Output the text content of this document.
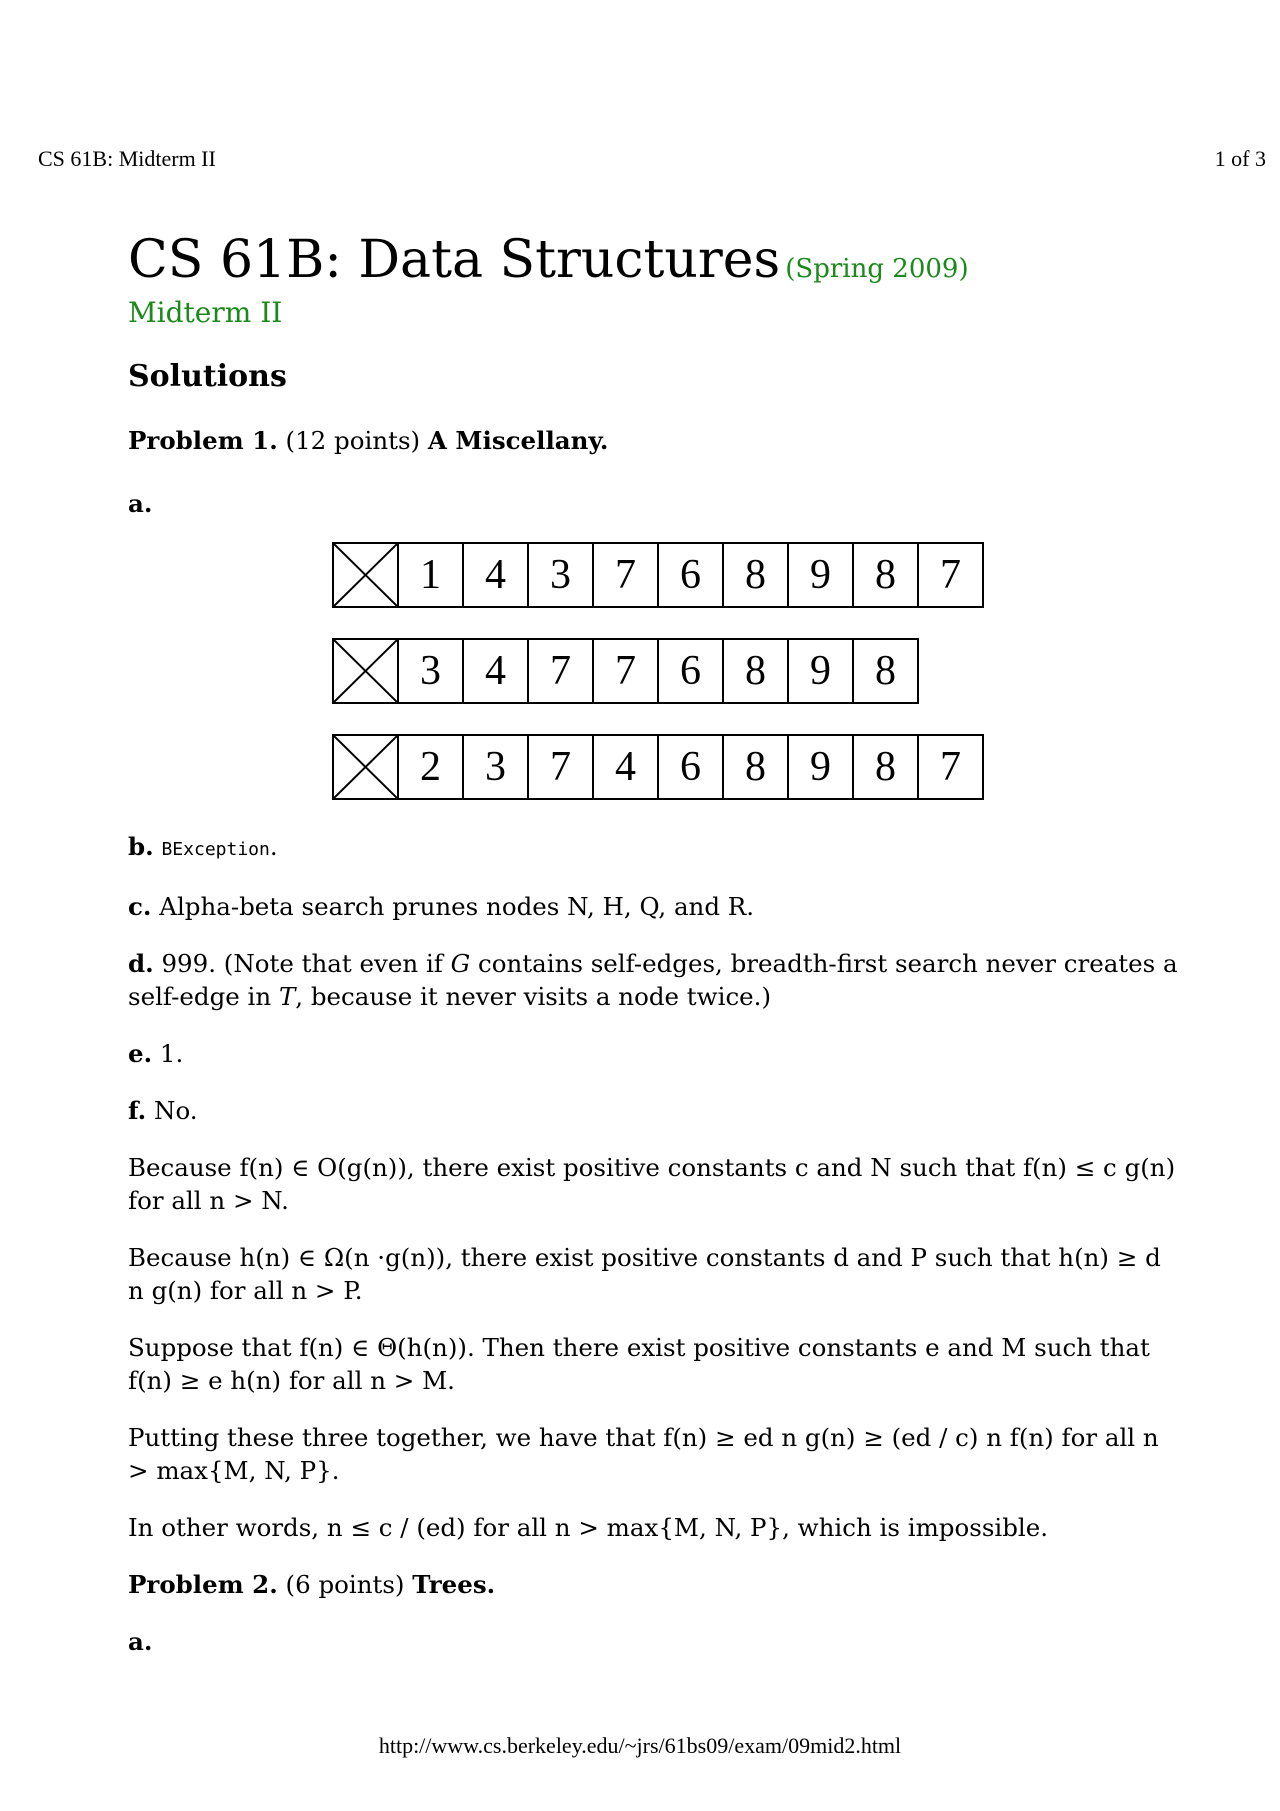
CS 61B: Midterm II	1 of 3
CS 61B: Data Structures (Spring 2009)
Midterm II
Solutions

Problem 1. (12 points) A Miscellany.

a.

1	4	3	7	6	8	9	8	7
3	4	7	7	6	8	9	8
2	3	7	4	6	8	9	8	7

b. BException.

c. Alpha-beta search prunes nodes N, H, Q, and R.

d. 999. (Note that even if G contains self-edges, breadth-first search never creates a self-edge in T, because it never visits a node twice.)

e. 1.

f. No.

Because f(n) ∈ O(g(n)), there exist positive constants c and N such that f(n) ≤ c g(n) for all n > N.

Because h(n) ∈ Ω(n ·g(n)), there exist positive constants d and P such that h(n) ≥ d n g(n) for all n > P.

Suppose that f(n) ∈ Θ(h(n)). Then there exist positive constants e and M such that f(n) ≥ e h(n) for all n > M.

Putting these three together, we have that f(n) ≥ ed n g(n) ≥ (ed / c) n f(n) for all n > max{M, N, P}.

In other words, n ≤ c / (ed) for all n > max{M, N, P}, which is impossible.

Problem 2. (6 points) Trees.

a.

http://www.cs.berkeley.edu/~jrs/61bs09/exam/09mid2.html
